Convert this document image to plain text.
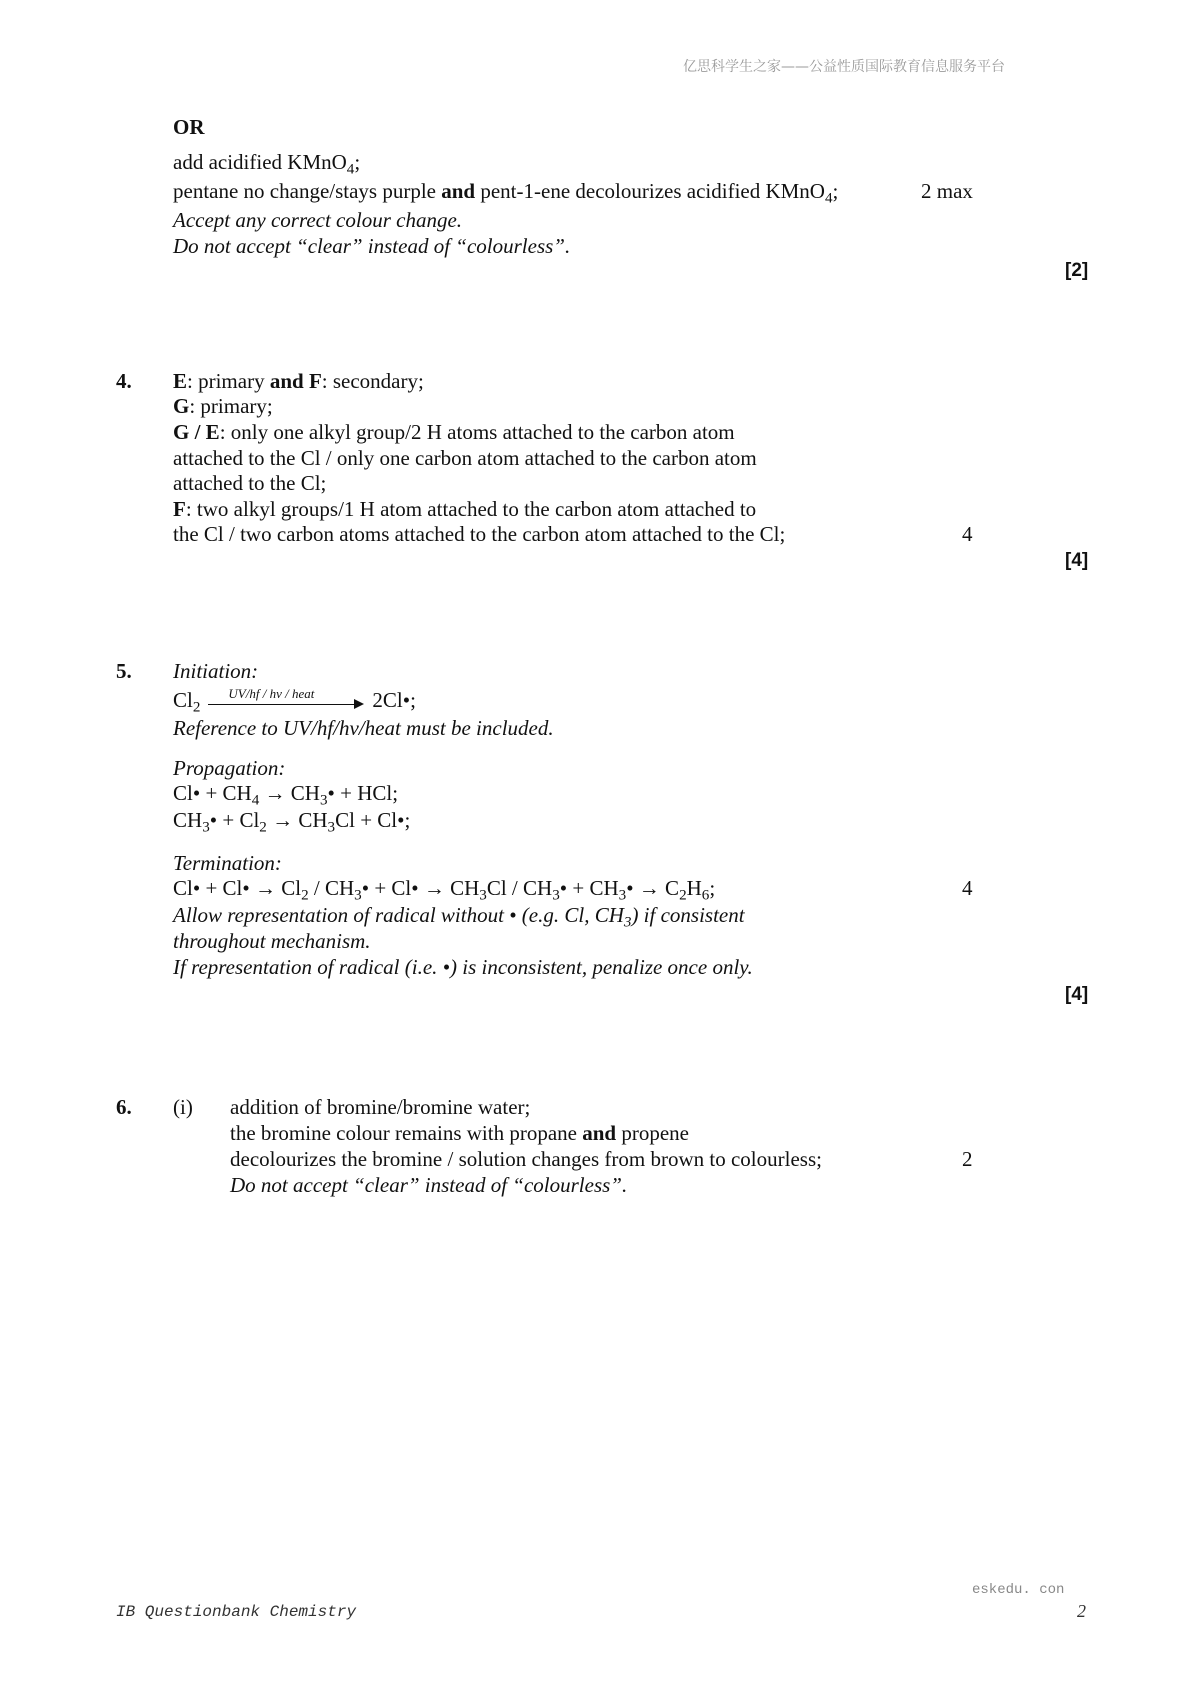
亿思科学生之家——公益性质国际教育信息服务平台
OR
add acidified KMnO$_4$;
pentane no change/stays purple and pent-1-ene decolourizes acidified KMnO$_4$;	2 max
Accept any correct colour change.
Do not accept “clear” instead of “colourless”.
[2]
4. E: primary and F: secondary;
G: primary;
G / E: only one alkyl group/2 H atoms attached to the carbon atom
attached to the Cl / only one carbon atom attached to the carbon atom
attached to the Cl;
F: two alkyl groups/1 H atom attached to the carbon atom attached to
the Cl / two carbon atoms attached to the carbon atom attached to the Cl;	4
[4]
5. Initiation:
$Cl_2$
UV/hf / hv / heat	2Cl•;
Reference to UV/hf/hv/heat must be included.
Propagation:
Cl• + $CH_4$ → $CH_3•$ + HCl;
$CH_3• + Cl_2 \to CH_3Cl$ + Cl•;
Termination:
Cl• + Cl• → $Cl_2$ / $CH_3•$ + Cl• → $CH_3Cl$ / $CH_3•$ + $CH_3• \to C_2H_6$;	4
Allow representation of radical without • (e.g. Cl, $CH_3$) if consistent
throughout mechanism.
If representation of radical (i.e. •) is inconsistent, penalize once only.
[4]
6. (i) addition of bromine/bromine water;
the bromine colour remains with propane and propene
decolourizes the bromine / solution changes from brown to colourless;	2
Do not accept “clear” instead of “colourless”.
eskedu. con
IB Questionbank Chemistry	2
